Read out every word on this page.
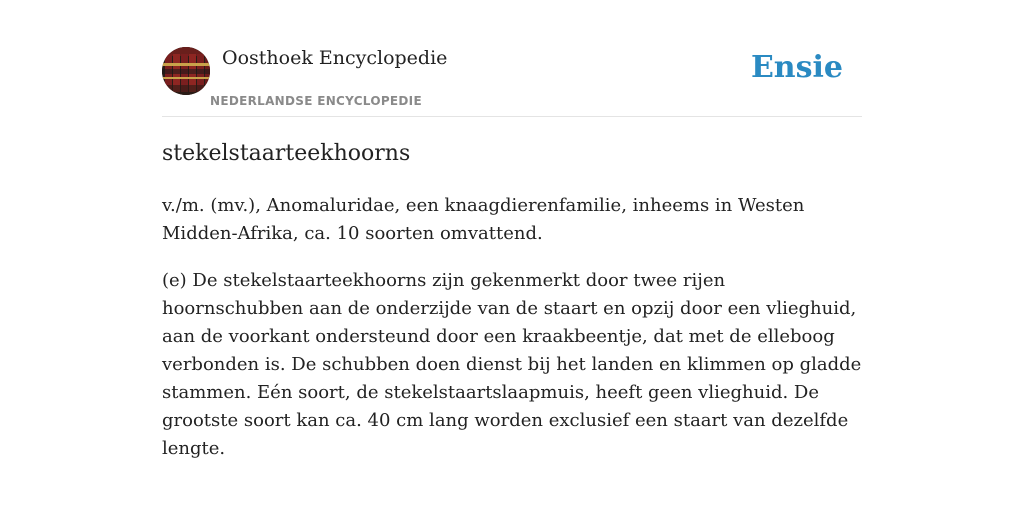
Oosthoek Encyclopedie
NEDERLANDSE ENCYCLOPEDIE
Ensie
stekelstaarteekhoorns

v./m. (mv.), Anomaluridae, een knaagdierenfamilie, inheems in Westen Midden-Afrika, ca. 10 soorten omvattend.

(e) De stekelstaarteekhoorns zijn gekenmerkt door twee rijen hoornschubben aan de onderzijde van de staart en opzij door een vlieghuid, aan de voorkant ondersteund door een kraakbeentje, dat met de elleboog verbonden is. De schubben doen dienst bij het landen en klimmen op gladde stammen. Eén soort, de stekelstaartslaapmuis, heeft geen vlieghuid. De grootste soort kan ca. 40 cm lang worden exclusief een staart van dezelfde lengte.
